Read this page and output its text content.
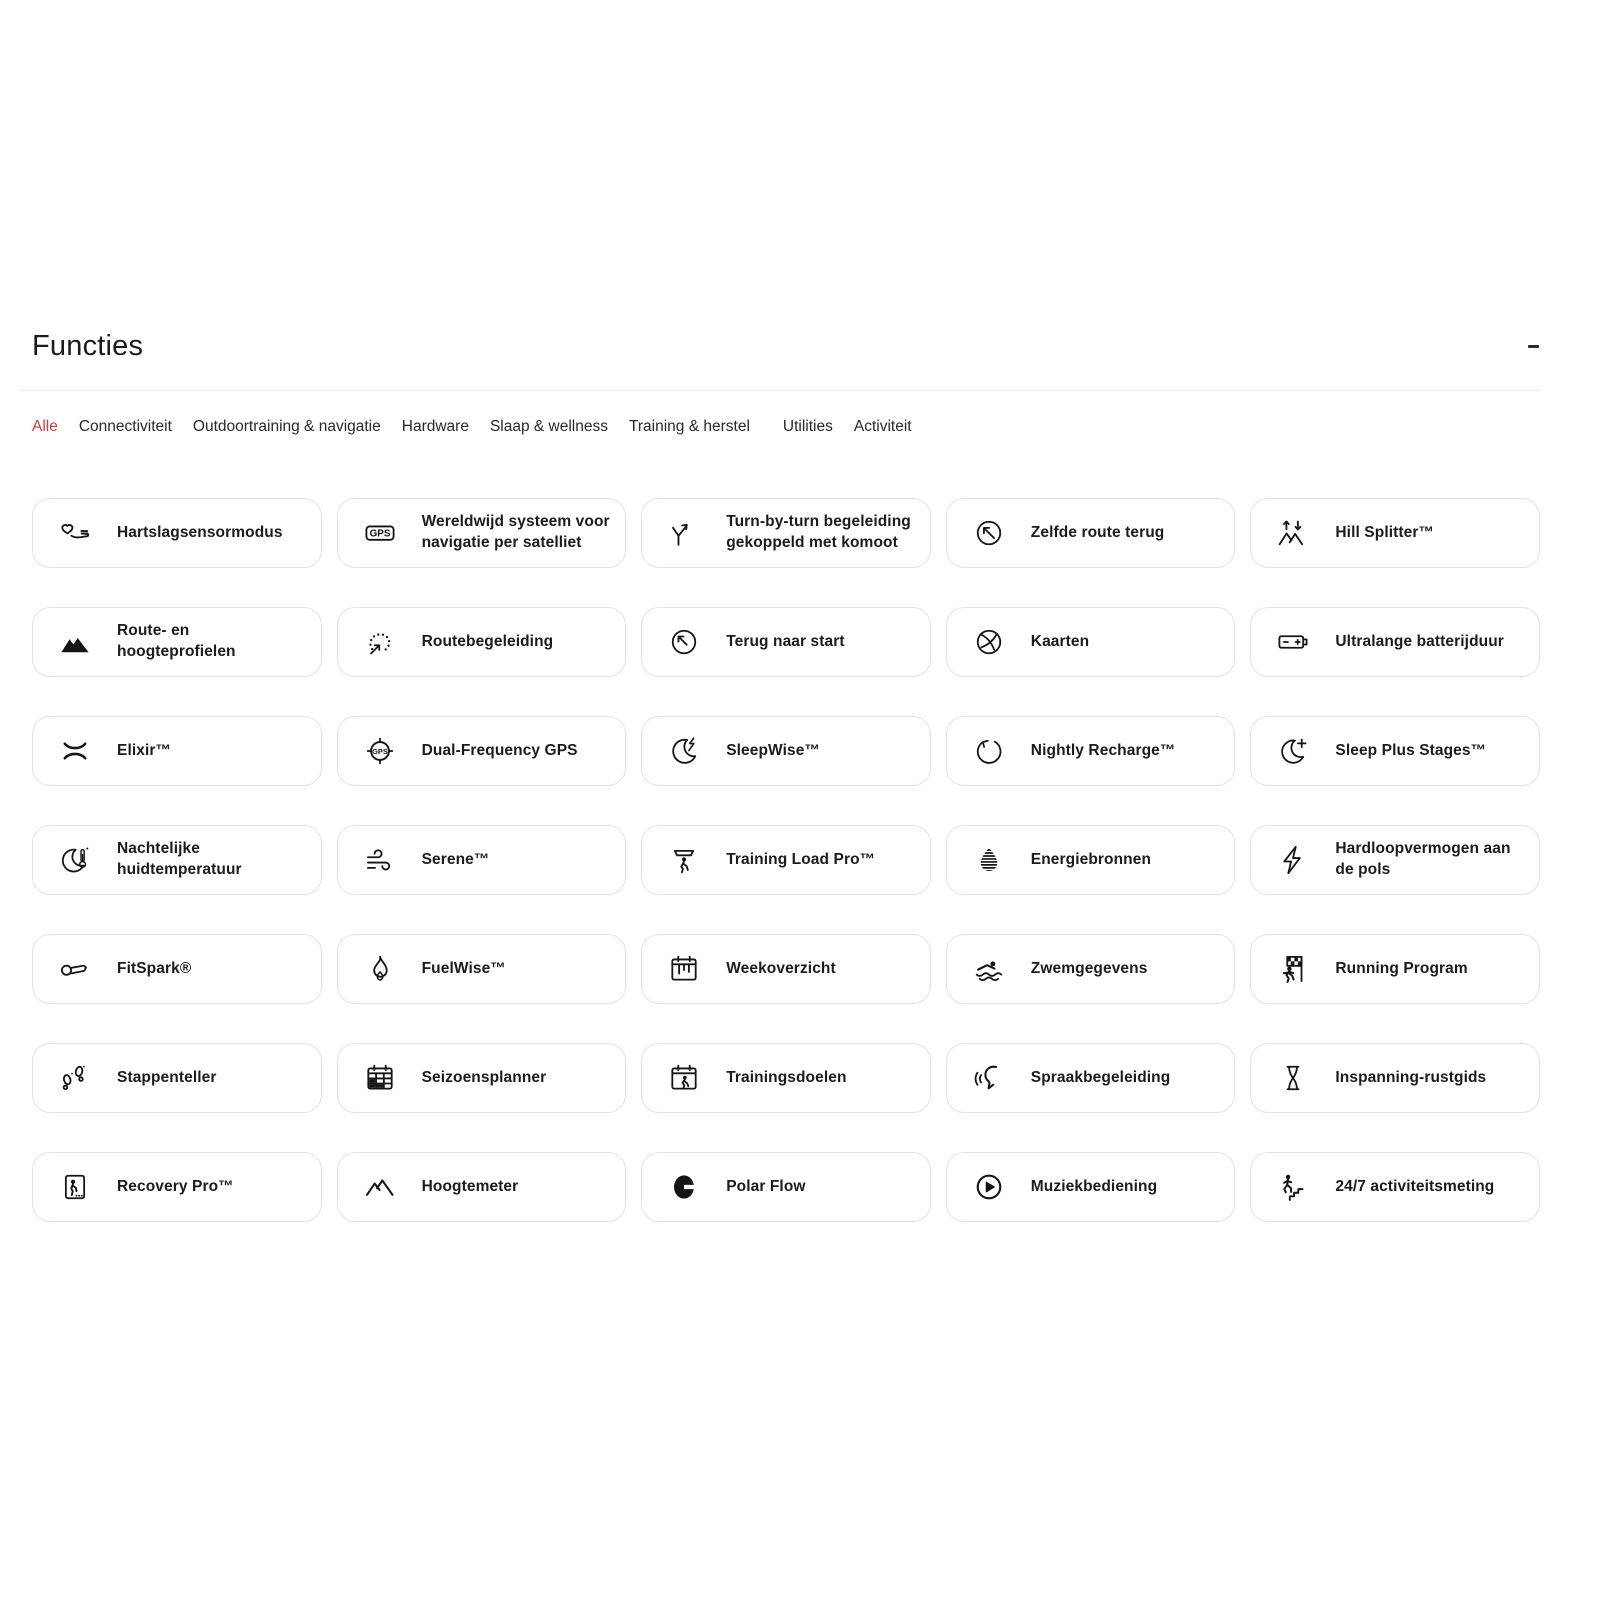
Functies
Alle Connectiviteit Outdoortraining & navigatie Hardware Slaap & wellness Training & herstel Utilities Activiteit
Hartslagsensormodus	GPS
Wereldwijd systeem voor navigatie per satelliet
Turn-by-turn begeleiding gekoppeld met komoot
Zelfde route terug	Hill Splitter™
Route- en hoogteprofielen
Routebegeleiding	Terug naar start	Kaarten	Ultralange batterijduur
Elixir™	GPS Dual-Frequency GPS	SleepWise™	Nightly Recharge™	Sleep Plus Stages™
Nachtelijke huidtemperatuur
Serene™	Training Load Pro™	Energiebronnen
Hardloopvermogen aan de pols
FitSpark®	FuelWise™	Weekoverzicht	Zwemgegevens	Running Program
Stappenteller	Seizoensplanner	Trainingsdoelen	Spraakbegeleiding	Inspanning-rustgids
Recovery Pro™	Hoogtemeter	Polar Flow	Muziekbediening	24/7 activiteitsmeting
